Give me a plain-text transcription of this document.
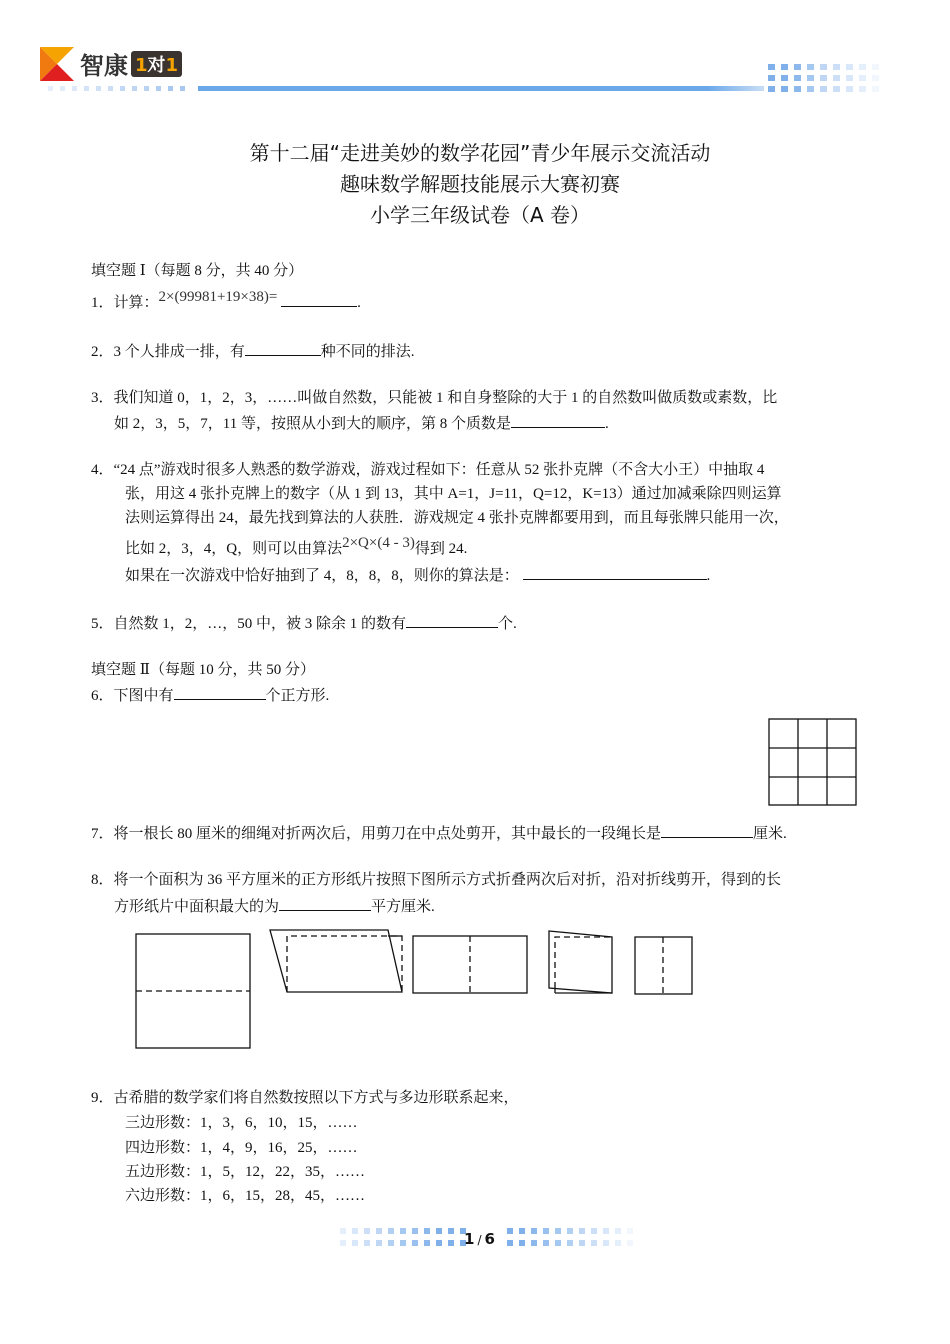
智康 1对1
第十二届“走进美妙的数学花园”青少年展示交流活动
趣味数学解题技能展示大赛初赛
小学三年级试卷（A 卷）
填空题 Ⅰ（每题 8 分，共 40 分）
1．计算：2×(99981+19×38)=	.
2．3 个人排成一排，有	种不同的排法.
3．我们知道 0，1，2，3，……叫做自然数，只能被 1 和自身整除的大于 1 的自然数叫做质数或素数，比
如 2，3，5，7，11 等，按照从小到大的顺序，第 8 个质数是	.
4．“24 点”游戏时很多人熟悉的数学游戏，游戏过程如下：任意从 52 张扑克牌（不含大小王）中抽取 4
张，用这 4 张扑克牌上的数字（从 1 到 13，其中 A=1，J=11，Q=12，K=13）通过加减乘除四则运算
法则运算得出 24，最先找到算法的人获胜．游戏规定 4 张扑克牌都要用到，而且每张牌只能用一次，
比如 2，3，4，Q，则可以由算法2×Q×(4 - 3)得到 24.
如果在一次游戏中恰好抽到了 4，8，8，8，则你的算法是：	.
5．自然数 1，2，…，50 中，被 3 除余 1 的数有	个.
填空题 Ⅱ（每题 10 分，共 50 分）
6．下图中有	个正方形.
7．将一根长 80 厘米的细绳对折两次后，用剪刀在中点处剪开，其中最长的一段绳长是	厘米.
8．将一个面积为 36 平方厘米的正方形纸片按照下图所示方式折叠两次后对折，沿对折线剪开，得到的长
方形纸片中面积最大的为	平方厘米.
9．古希腊的数学家们将自然数按照以下方式与多边形联系起来，
三边形数：1，3，6，10，15，……
四边形数：1，4，9，16，25，……
五边形数：1，5，12，22，35，……
六边形数：1，6，15，28，45，……
1 / 6
